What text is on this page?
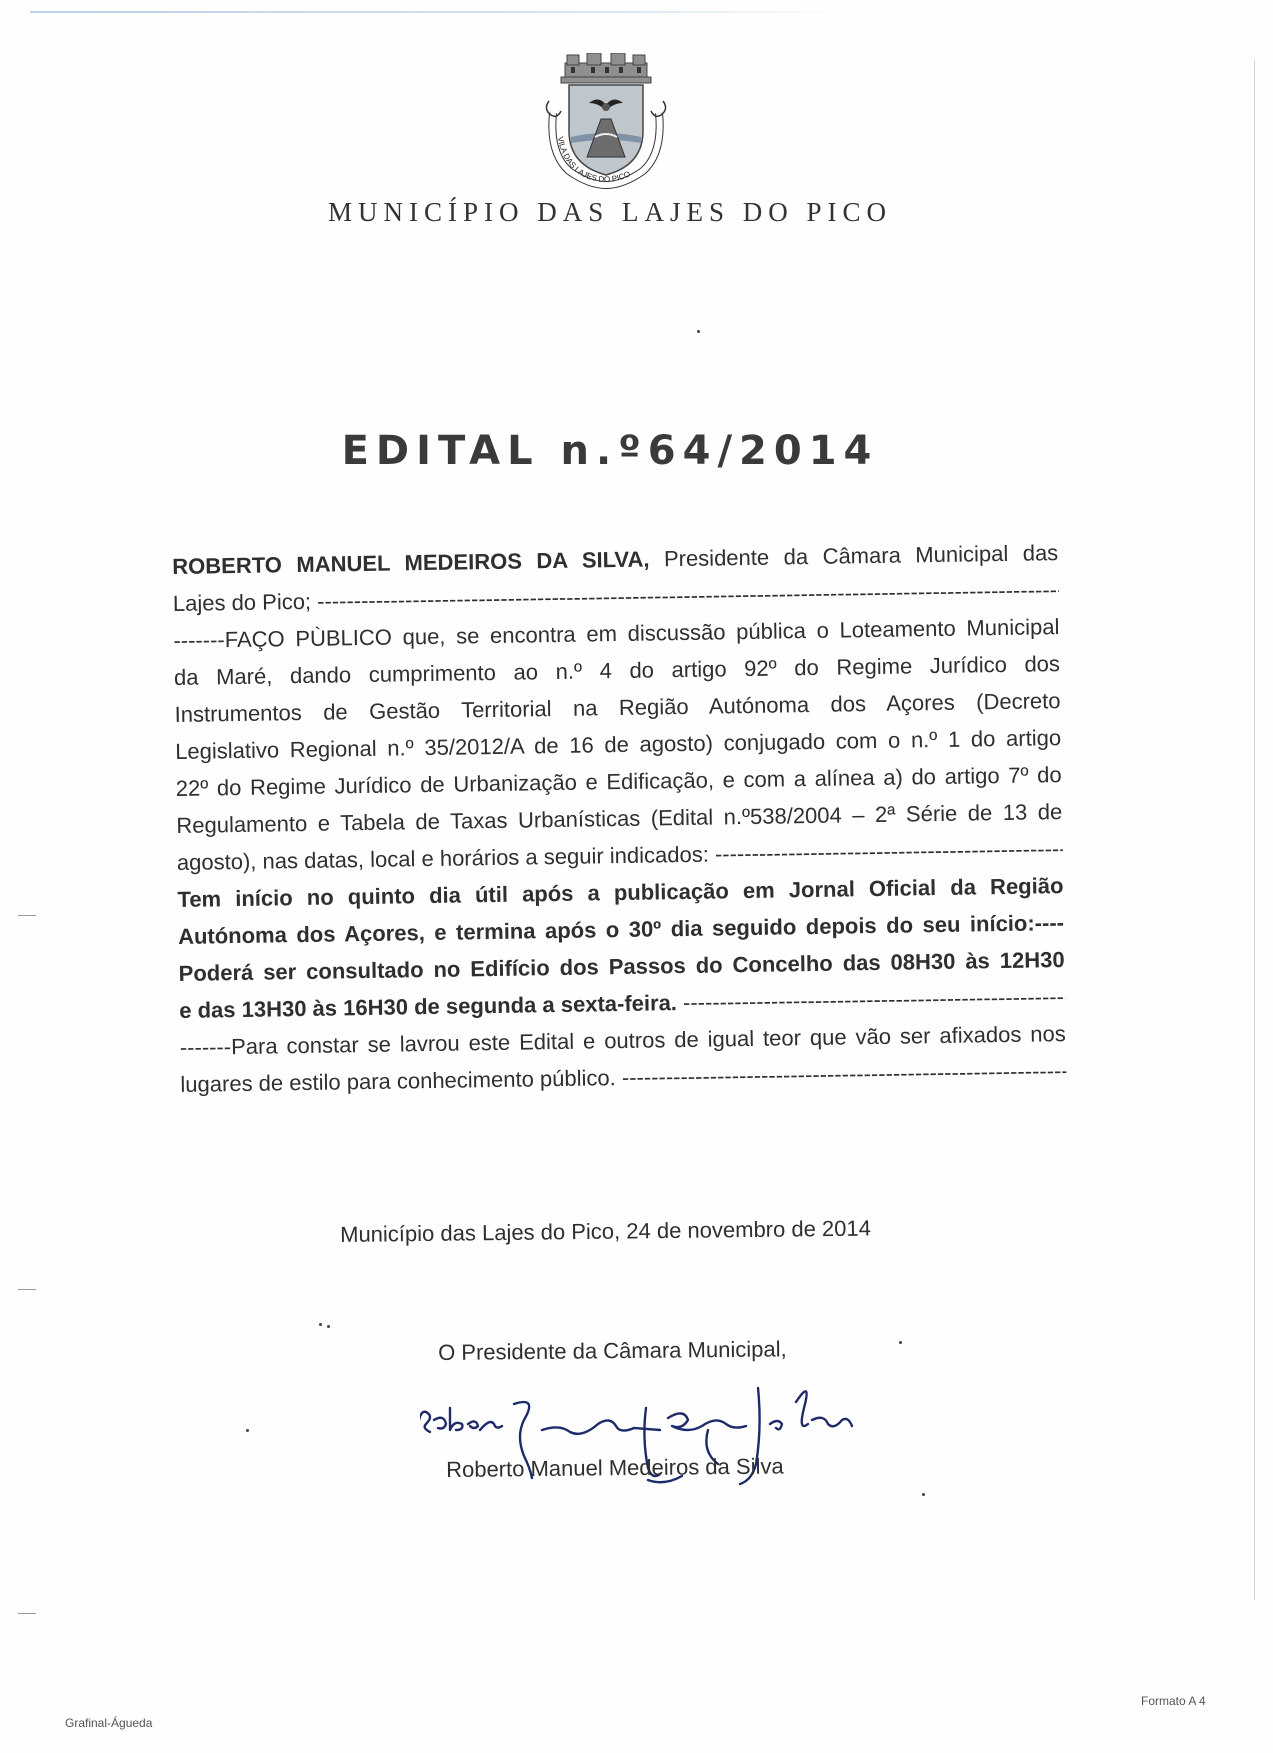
VILA DAS LAJES DO PICO
MUNICÍPIO DAS LAJES DO PICO
EDITAL n.º64/2014
ROBERTO MANUEL MEDEIROS DA SILVA, Presidente da Câmara Municipal das
Lajes do Pico; -----
-------FAÇO PÙBLICO que, se encontra em discussão pública o Loteamento Municipal
da Maré, dando cumprimento ao n.º 4 do artigo 92º do Regime Jurídico dos
Instrumentos de Gestão Territorial na Região Autónoma dos Açores (Decreto
Legislativo Regional n.º 35/2012/A de 16 de agosto) conjugado com o n.º 1 do artigo
22º do Regime Jurídico de Urbanização e Edificação, e com a alínea a) do artigo 7º do
Regulamento e Tabela de Taxas Urbanísticas (Edital n.º538/2004 – 2ª Série de 13 de
agosto), nas datas, local e horários a seguir indicados: -----
Tem início no quinto dia útil após a publicação em Jornal Oficial da Região
Autónoma dos Açores, e termina após o 30º dia seguido depois do seu início:----
Poderá ser consultado no Edifício dos Passos do Concelho das 08H30 às 12H30
e das 13H30 às 16H30 de segunda a sexta-feira. -----
-------Para constar se lavrou este Edital e outros de igual teor que vão ser afixados nos
lugares de estilo para conhecimento público. -----
Município das Lajes do Pico, 24 de novembro de 2014
O Presidente da Câmara Municipal,
Roberto Manuel Medeiros da Silva
Grafinal-Águeda
Formato A 4
